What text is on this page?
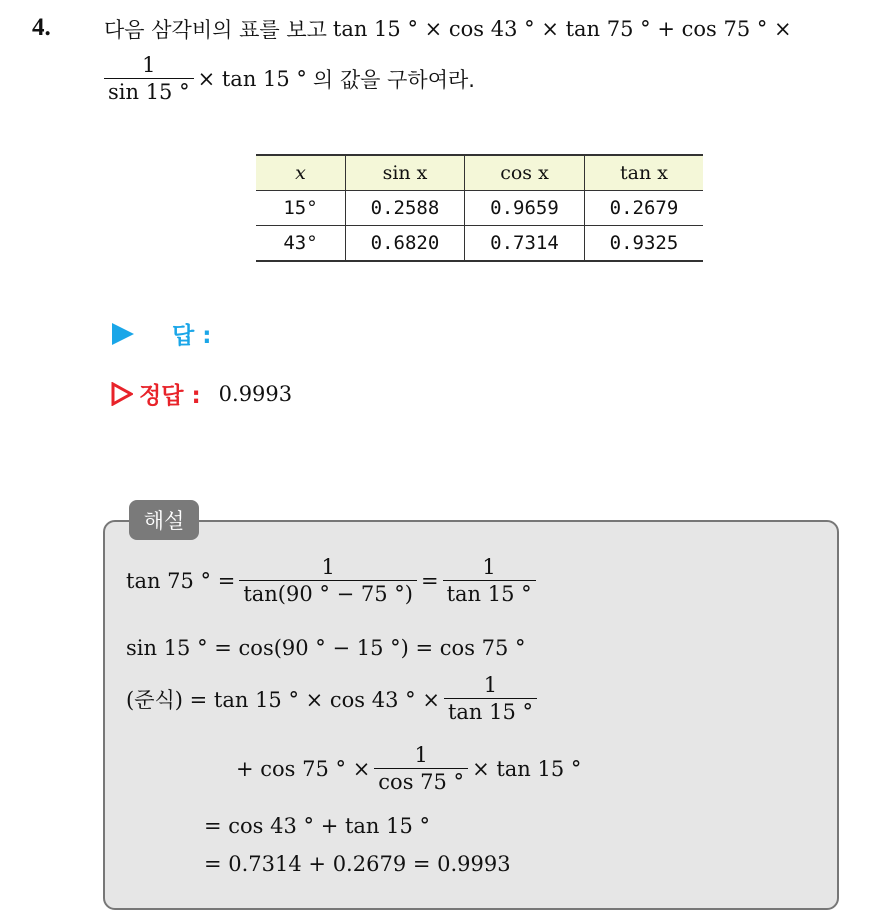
4.	다음 삼각비의 표를 보고 tan 15 ° × cos 43 ° × tan 75 ° + cos 75 ° ×
$\frac{1}{\sin 15 ^\circ} \times \tan 15$ ° 의 값을 구하여라.
x	sin x	cos x	tan x
15°	0.2588	0.9659	0.2679
43°	0.6820	0.7314	0.9325
답 :
정답 : 0.9993
해설
tan 75 ° = $\frac{1}{\tan(90 ^\circ - 75 ^\circ)} = \frac{1}{\tan 15 ^\circ}$
sin 15 ° = cos(90 ° − 15 °) = cos 75 °
(준식) = tan 15 ° × cos 43 ° × $\frac{1}{\tan 15 ^\circ}$
+ cos 75 ° × $\frac{1}{\cos 75 ^\circ} \times \tan 15$ °
= cos 43 ° + tan 15 °
= 0.7314 + 0.2679 = 0.9993
